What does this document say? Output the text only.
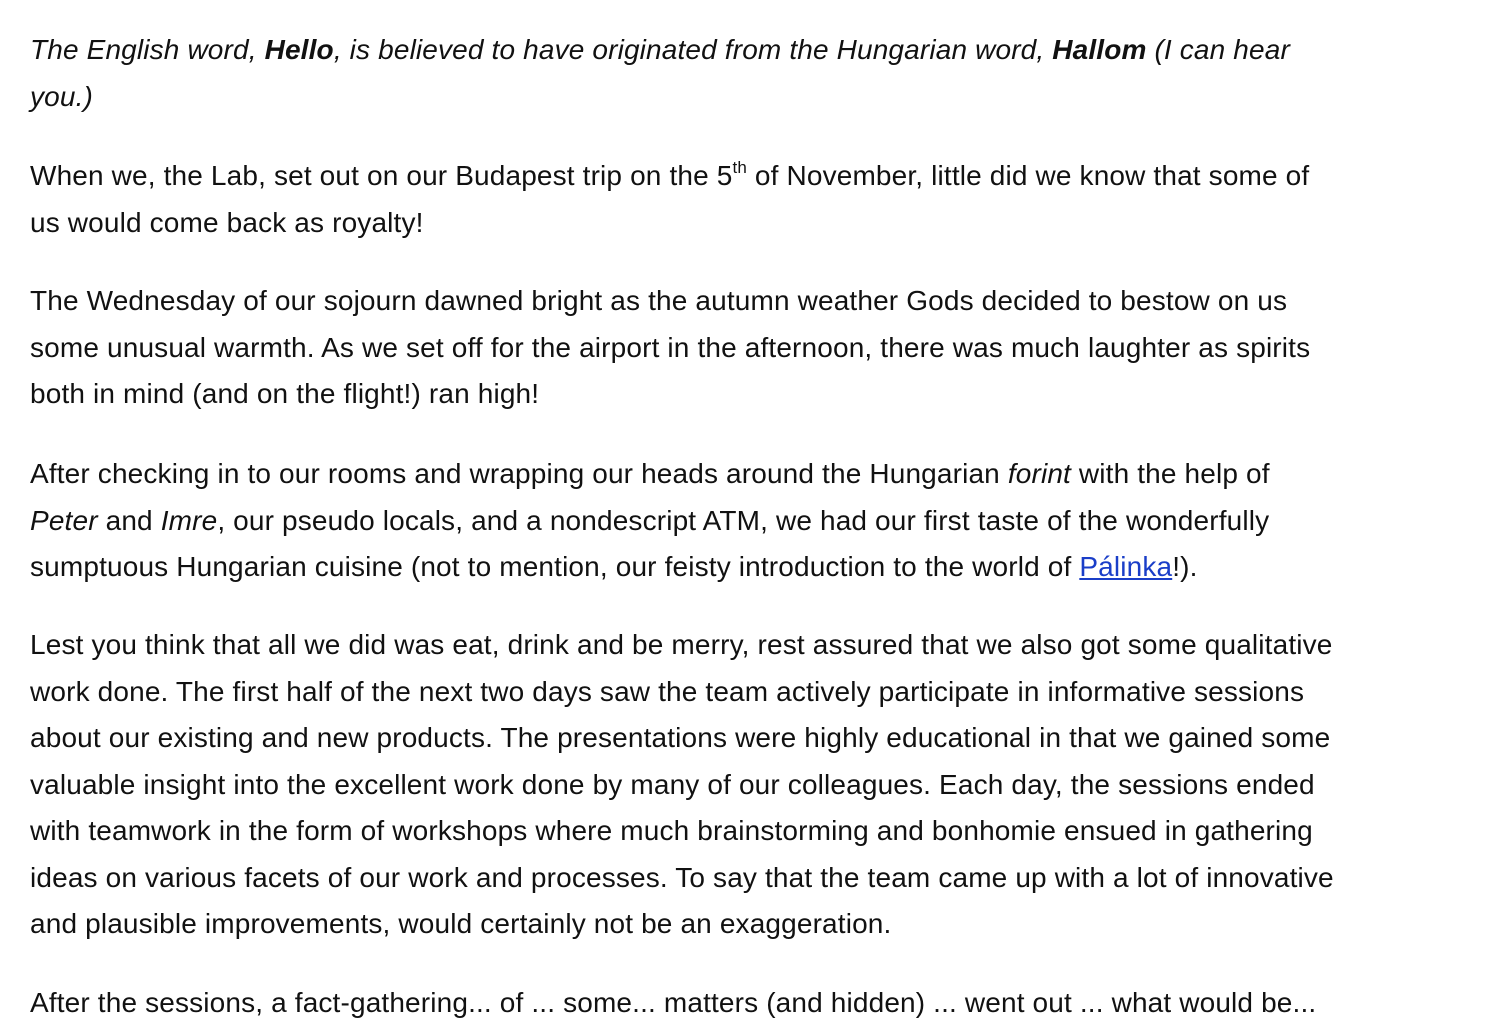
The English word, Hello, is believed to have originated from the Hungarian word, Hallom (I can hear
you.)

When we, the Lab, set out on our Budapest trip on the 5th of November, little did we know that some of
us would come back as royalty!

The Wednesday of our sojourn dawned bright as the autumn weather Gods decided to bestow on us
some unusual warmth. As we set off for the airport in the afternoon, there was much laughter as spirits
both in mind (and on the flight!) ran high!

After checking in to our rooms and wrapping our heads around the Hungarian forint with the help of
Peter and Imre, our pseudo locals, and a nondescript ATM, we had our first taste of the wonderfully
sumptuous Hungarian cuisine (not to mention, our feisty introduction to the world of Pálinka!).

Lest you think that all we did was eat, drink and be merry, rest assured that we also got some qualitative
work done. The first half of the next two days saw the team actively participate in informative sessions
about our existing and new products. The presentations were highly educational in that we gained some
valuable insight into the excellent work done by many of our colleagues. Each day, the sessions ended
with teamwork in the form of workshops where much brainstorming and bonhomie ensued in gathering
ideas on various facets of our work and processes. To say that the team came up with a lot of innovative
and plausible improvements, would certainly not be an exaggeration.

After the sessions, a fact-gathering... of ... some... matters (and hidden) ... went out ... what would be...
